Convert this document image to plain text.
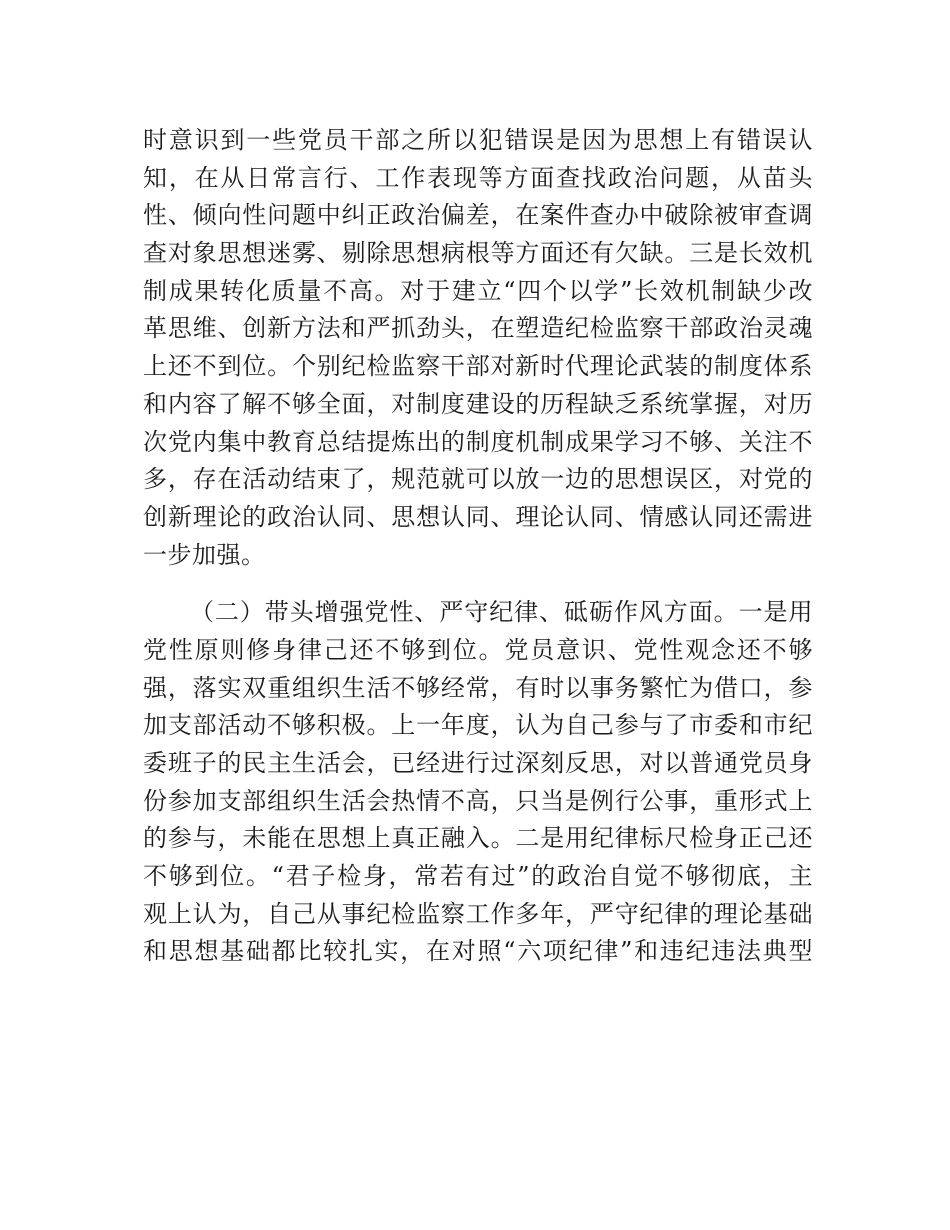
时意识到一些党员干部之所以犯错误是因为思想上有错误认
知，在从日常言行、工作表现等方面查找政治问题，从苗头
性、倾向性问题中纠正政治偏差，在案件查办中破除被审查调
查对象思想迷雾、剔除思想病根等方面还有欠缺。三是长效机
制成果转化质量不高。对于建立“四个以学”长效机制缺少改
革思维、创新方法和严抓劲头，在塑造纪检监察干部政治灵魂
上还不到位。个别纪检监察干部对新时代理论武装的制度体系
和内容了解不够全面，对制度建设的历程缺乏系统掌握，对历
次党内集中教育总结提炼出的制度机制成果学习不够、关注不
多，存在活动结束了，规范就可以放一边的思想误区，对党的
创新理论的政治认同、思想认同、理论认同、情感认同还需进
一步加强。
（二）带头增强党性、严守纪律、砥砺作风方面。一是用
党性原则修身律己还不够到位。党员意识、党性观念还不够
强，落实双重组织生活不够经常，有时以事务繁忙为借口，参
加支部活动不够积极。上一年度，认为自己参与了市委和市纪
委班子的民主生活会，已经进行过深刻反思，对以普通党员身
份参加支部组织生活会热情不高，只当是例行公事，重形式上
的参与，未能在思想上真正融入。二是用纪律标尺检身正己还
不够到位。“君子检身，常若有过”的政治自觉不够彻底，主
观上认为，自己从事纪检监察工作多年，严守纪律的理论基础
和思想基础都比较扎实，在对照“六项纪律”和违纪违法典型
